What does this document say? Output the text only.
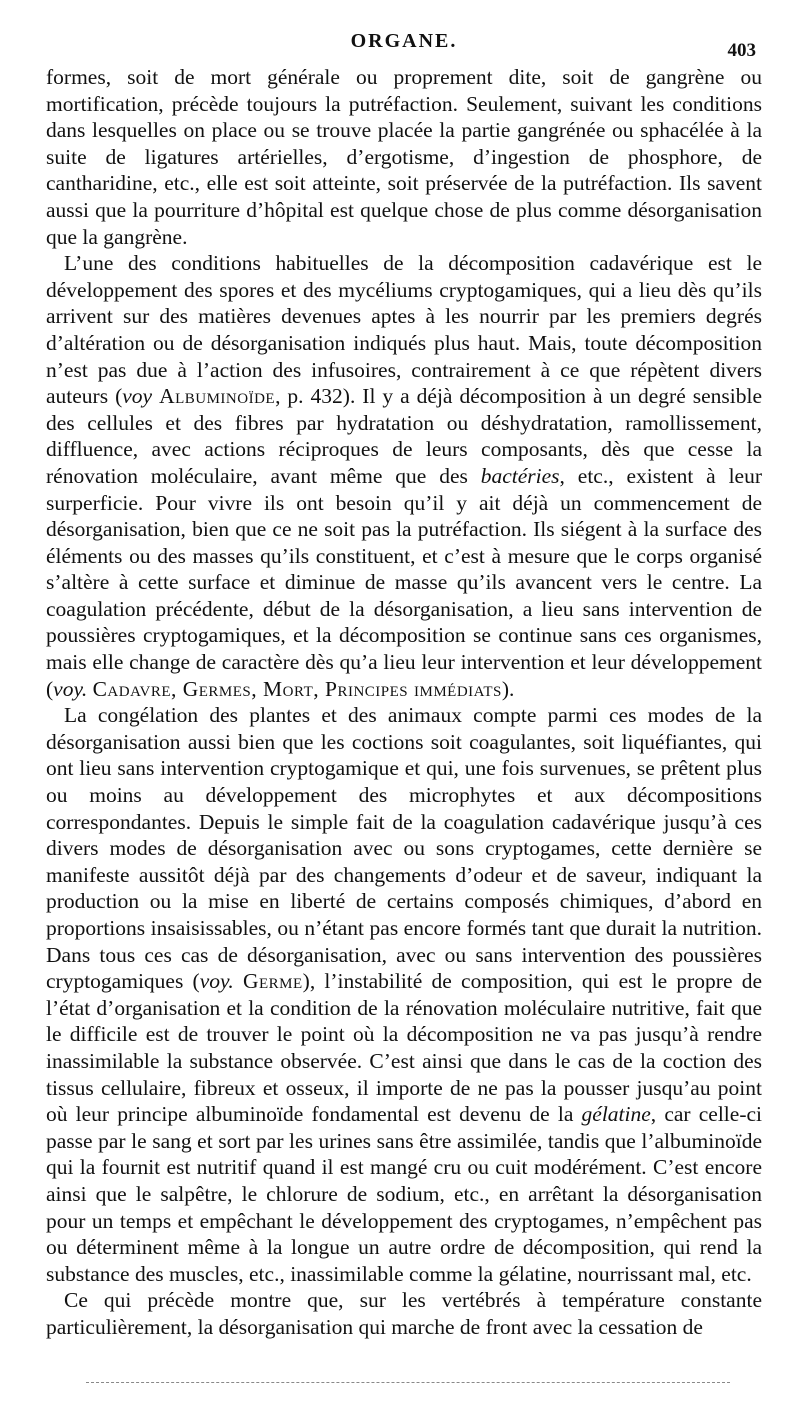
ORGANE.	403

formes, soit de mort générale ou proprement dite, soit de gangrène ou mortification, précède toujours la putréfaction. Seulement, suivant les conditions dans lesquelles on place ou se trouve placée la partie gangrénée ou sphacélée à la suite de ligatures artérielles, d’ergotisme, d’ingestion de phosphore, de cantharidine, etc., elle est soit atteinte, soit préservée de la putréfaction. Ils savent aussi que la pourriture d’hôpital est quelque chose de plus comme désorganisation que la gangrène.

L’une des conditions habituelles de la décomposition cadavérique est le développement des spores et des mycéliums cryptogamiques, qui a lieu dès qu’ils arrivent sur des matières devenues aptes à les nourrir par les premiers degrés d’altération ou de désorganisation indiqués plus haut. Mais, toute décomposition n’est pas due à l’action des infusoires, contrairement à ce que répètent divers auteurs (voy Albuminoïde, p. 432). Il y a déjà décomposition à un degré sensible des cellules et des fibres par hydratation ou déshydratation, ramollissement, diffluence, avec actions réciproques de leurs composants, dès que cesse la rénovation moléculaire, avant même que des bactéries, etc., existent à leur surperficie. Pour vivre ils ont besoin qu’il y ait déjà un commencement de désorganisation, bien que ce ne soit pas la putréfaction. Ils siégent à la surface des éléments ou des masses qu’ils constituent, et c’est à mesure que le corps organisé s’altère à cette surface et diminue de masse qu’ils avancent vers le centre. La coagulation précédente, début de la désorganisation, a lieu sans intervention de poussières cryptogamiques, et la décomposition se continue sans ces organismes, mais elle change de caractère dès qu’a lieu leur intervention et leur développement (voy. Cadavre, Germes, Mort, Principes immédiats).

La congélation des plantes et des animaux compte parmi ces modes de la désorganisation aussi bien que les coctions soit coagulantes, soit liquéfiantes, qui ont lieu sans intervention cryptogamique et qui, une fois survenues, se prêtent plus ou moins au développement des microphytes et aux décompositions correspondantes. Depuis le simple fait de la coagulation cadavérique jusqu’à ces divers modes de désorganisation avec ou sons cryptogames, cette dernière se manifeste aussitôt déjà par des changements d’odeur et de saveur, indiquant la production ou la mise en liberté de certains composés chimiques, d’abord en proportions insaisissables, ou n’étant pas encore formés tant que durait la nutrition. Dans tous ces cas de désorganisation, avec ou sans intervention des poussières cryptogamiques (voy. Germe), l’instabilité de composition, qui est le propre de l’état d’organisation et la condition de la rénovation moléculaire nutritive, fait que le difficile est de trouver le point où la décomposition ne va pas jusqu’à rendre inassimilable la substance observée. C’est ainsi que dans le cas de la coction des tissus cellulaire, fibreux et osseux, il importe de ne pas la pousser jusqu’au point où leur principe albuminoïde fondamental est devenu de la gélatine, car celle-ci passe par le sang et sort par les urines sans être assimilée, tandis que l’albuminoïde qui la fournit est nutritif quand il est mangé cru ou cuit modérément. C’est encore ainsi que le salpêtre, le chlorure de sodium, etc., en arrêtant la désorganisation pour un temps et empêchant le développement des cryptogames, n’empêchent pas ou déterminent même à la longue un autre ordre de décomposition, qui rend la substance des muscles, etc., inassimilable comme la gélatine, nourrissant mal, etc.

Ce qui précède montre que, sur les vertébrés à température constante particulièrement, la désorganisation qui marche de front avec la cessation de
